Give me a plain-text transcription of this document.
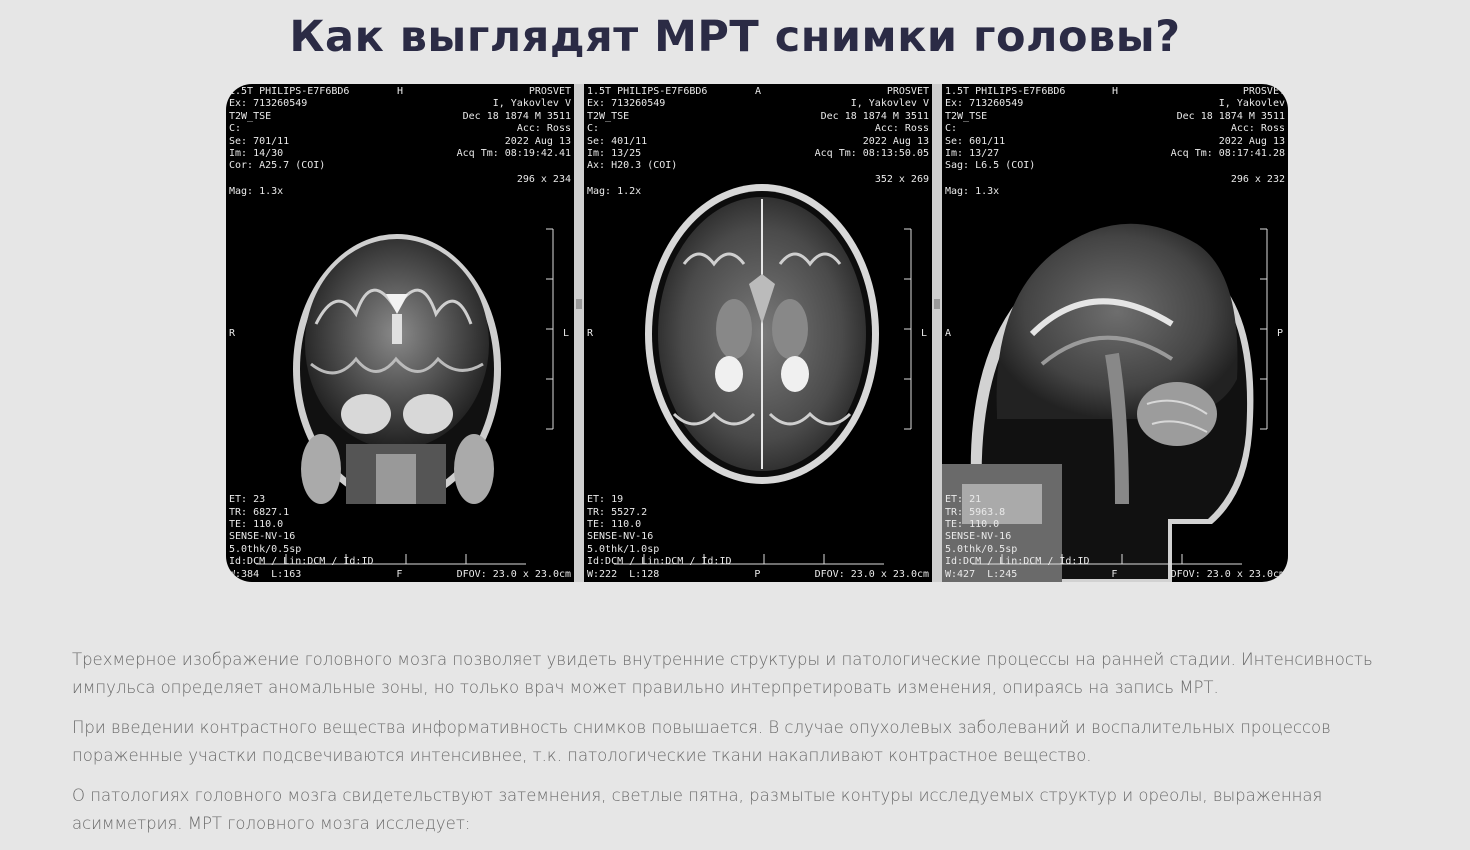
Как выглядят МРТ снимки головы?
1.5T PHILIPS-E7F6BD6
Ex: 713260549
T2W_TSE
C:
Se: 701/11
Im: 14/30
Cor: A25.7 (COI)
H	PROSVET
I, Yakovlev V
Dec 18 1874 M 3511
Acc: Ross
2022 Aug 13
Acq Tm: 08:19:42.41
296 x 234
Mag: 1.3x
R	L
ET: 23
TR: 6827.1
TE: 110.0
SENSE-NV-16
5.0thk/0.5sp
Id:DCM / Lin:DCM / Id:ID
W:384  L:163	F	DFOV: 23.0 x 23.0cm
1.5T PHILIPS-E7F6BD6
Ex: 713260549
T2W_TSE
C:
Se: 401/11
Im: 13/25
Ax: H20.3 (COI)
A	PROSVET
I, Yakovlev V
Dec 18 1874 M 3511
Acc: Ross
2022 Aug 13
Acq Tm: 08:13:50.05
352 x 269
Mag: 1.2x
R	L
ET: 19
TR: 5527.2
TE: 110.0
SENSE-NV-16
5.0thk/1.0sp
Id:DCM / Lin:DCM / Id:ID
W:222  L:128	P	DFOV: 23.0 x 23.0cm
1.5T PHILIPS-E7F6BD6
Ex: 713260549
T2W_TSE
C:
Se: 601/11
Im: 13/27
Sag: L6.5 (COI)
H	PROSVET
I, Yakovlev
Dec 18 1874 M 3511
Acc: Ross
2022 Aug 13
Acq Tm: 08:17:41.28
296 x 232
Mag: 1.3x
A	P
ET: 21
TR: 5963.8
TE: 110.0
SENSE-NV-16
5.0thk/0.5sp
Id:DCM / Lin:DCM / Id:ID
W:427  L:245	F	DFOV: 23.0 x 23.0cm

Трехмерное изображение головного мозга позволяет увидеть внутренние структуры и патологические процессы на ранней стадии. Интенсивность импульса определяет аномальные зоны, но только врач может правильно интерпретировать изменения, опираясь на запись МРТ.

При введении контрастного вещества информативность снимков повышается. В случае опухолевых заболеваний и воспалительных процессов пораженные участки подсвечиваются интенсивнее, т.к. патологические ткани накапливают контрастное вещество.

О патологиях головного мозга свидетельствуют затемнения, светлые пятна, размытые контуры исследуемых структур и ореолы, выраженная асимметрия. МРТ головного мозга исследует:
